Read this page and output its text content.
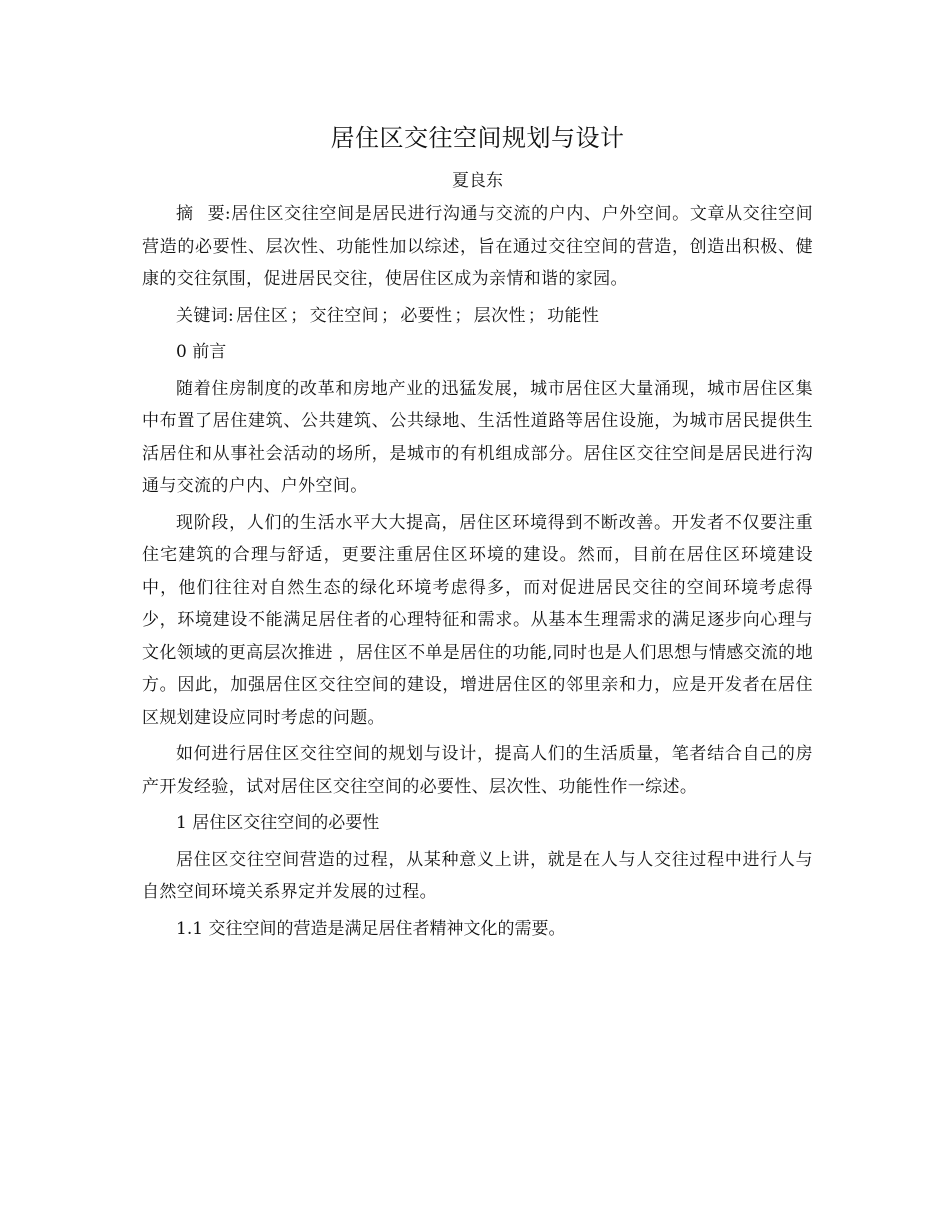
居住区交往空间规划与设计
夏良东

摘 要:居住区交往空间是居民进行沟通与交流的户内、户外空间。文章从交往空间营造的必要性、层次性、功能性加以综述，旨在通过交往空间的营造，创造出积极、健康的交往氛围，促进居民交往，使居住区成为亲情和谐的家园。

关键词: 居住区 ； 交往空间 ； 必要性 ； 层次性 ； 功能性

0 前言

随着住房制度的改革和房地产业的迅猛发展，城市居住区大量涌现，城市居住区集中布置了居住建筑、公共建筑、公共绿地、生活性道路等居住设施，为城市居民提供生活居住和从事社会活动的场所，是城市的有机组成部分。居住区交往空间是居民进行沟通与交流的户内、户外空间。

现阶段，人们的生活水平大大提高，居住区环境得到不断改善。开发者不仅要注重住宅建筑的合理与舒适，更要注重居住区环境的建设。然而，目前在居住区环境建设中，他们往往对自然生态的绿化环境考虑得多，而对促进居民交往的空间环境考虑得少，环境建设不能满足居住者的心理特征和需求。从基本生理需求的满足逐步向心理与文化领域的更高层次推进 ，居住区不单是居住的功能,同时也是人们思想与情感交流的地方。因此，加强居住区交往空间的建设，增进居住区的邻里亲和力，应是开发者在居住区规划建设应同时考虑的问题。

如何进行居住区交往空间的规划与设计，提高人们的生活质量，笔者结合自己的房产开发经验，试对居住区交往空间的必要性、层次性、功能性作一综述。

1 居住区交往空间的必要性

居住区交往空间营造的过程，从某种意义上讲，就是在人与人交往过程中进行人与自然空间环境关系界定并发展的过程。

1.1 交往空间的营造是满足居住者精神文化的需要。
